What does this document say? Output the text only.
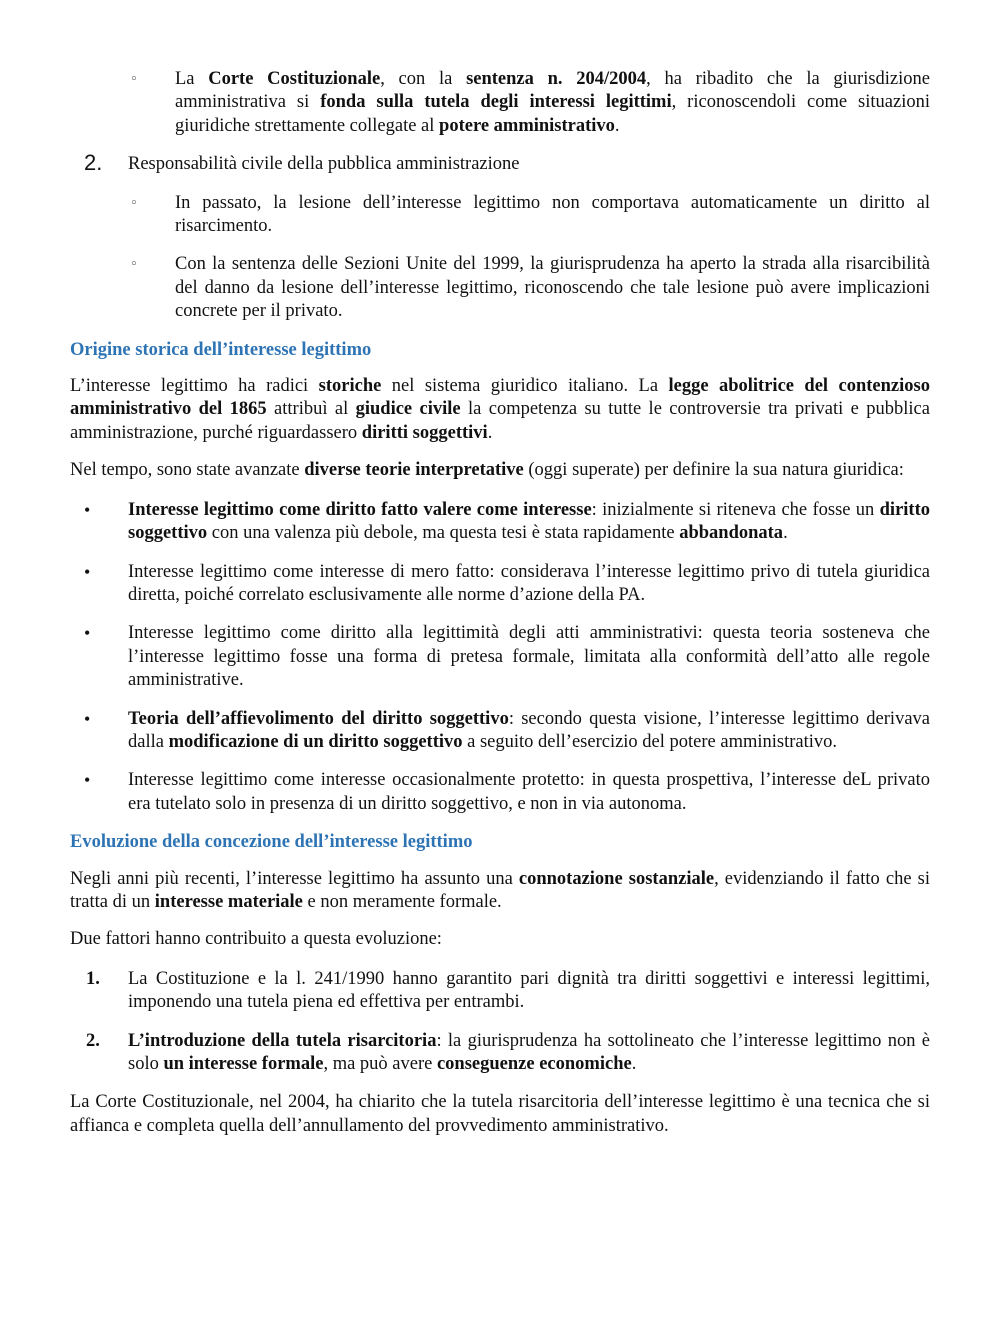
◦ La Corte Costituzionale, con la sentenza n. 204/2004, ha ribadito che la giurisdizione amministrativa si fonda sulla tutela degli interessi legittimi, riconoscendoli come situazioni giuridiche strettamente collegate al potere amministrativo.
2. Responsabilità civile della pubblica amministrazione
◦ In passato, la lesione dell’interesse legittimo non comportava automaticamente un diritto al risarcimento.
◦ Con la sentenza delle Sezioni Unite del 1999, la giurisprudenza ha aperto la strada alla risarcibilità del danno da lesione dell’interesse legittimo, riconoscendo che tale lesione può avere implicazioni concrete per il privato.
Origine storica dell’interesse legittimo

L’interesse legittimo ha radici storiche nel sistema giuridico italiano. La legge abolitrice del contenzioso amministrativo del 1865 attribuì al giudice civile la competenza su tutte le controversie tra privati e pubblica amministrazione, purché riguardassero diritti soggettivi.

Nel tempo, sono state avanzate diverse teorie interpretative (oggi superate) per definire la sua natura giuridica:

• Interesse legittimo come diritto fatto valere come interesse: inizialmente si riteneva che fosse un diritto soggettivo con una valenza più debole, ma questa tesi è stata rapidamente abbandonata.
• Interesse legittimo come interesse di mero fatto: considerava l’interesse legittimo privo di tutela giuridica diretta, poiché correlato esclusivamente alle norme d’azione della PA.
• Interesse legittimo come diritto alla legittimità degli atti amministrativi: questa teoria sosteneva che l’interesse legittimo fosse una forma di pretesa formale, limitata alla conformità dell’atto alle regole amministrative.
• Teoria dell’affievolimento del diritto soggettivo: secondo questa visione, l’interesse legittimo derivava dalla modificazione di un diritto soggettivo a seguito dell’esercizio del potere amministrativo.
• Interesse legittimo come interesse occasionalmente protetto: in questa prospettiva, l’interesse deL privato era tutelato solo in presenza di un diritto soggettivo, e non in via autonoma.
Evoluzione della concezione dell’interesse legittimo

Negli anni più recenti, l’interesse legittimo ha assunto una connotazione sostanziale, evidenziando il fatto che si tratta di un interesse materiale e non meramente formale.

Due fattori hanno contribuito a questa evoluzione:

1. La Costituzione e la l. 241/1990 hanno garantito pari dignità tra diritti soggettivi e interessi legittimi, imponendo una tutela piena ed effettiva per entrambi.
2. L’introduzione della tutela risarcitoria: la giurisprudenza ha sottolineato che l’interesse legittimo non è solo un interesse formale, ma può avere conseguenze economiche.

La Corte Costituzionale, nel 2004, ha chiarito che la tutela risarcitoria dell’interesse legittimo è una tecnica che si affianca e completa quella dell’annullamento del provvedimento amministrativo.
